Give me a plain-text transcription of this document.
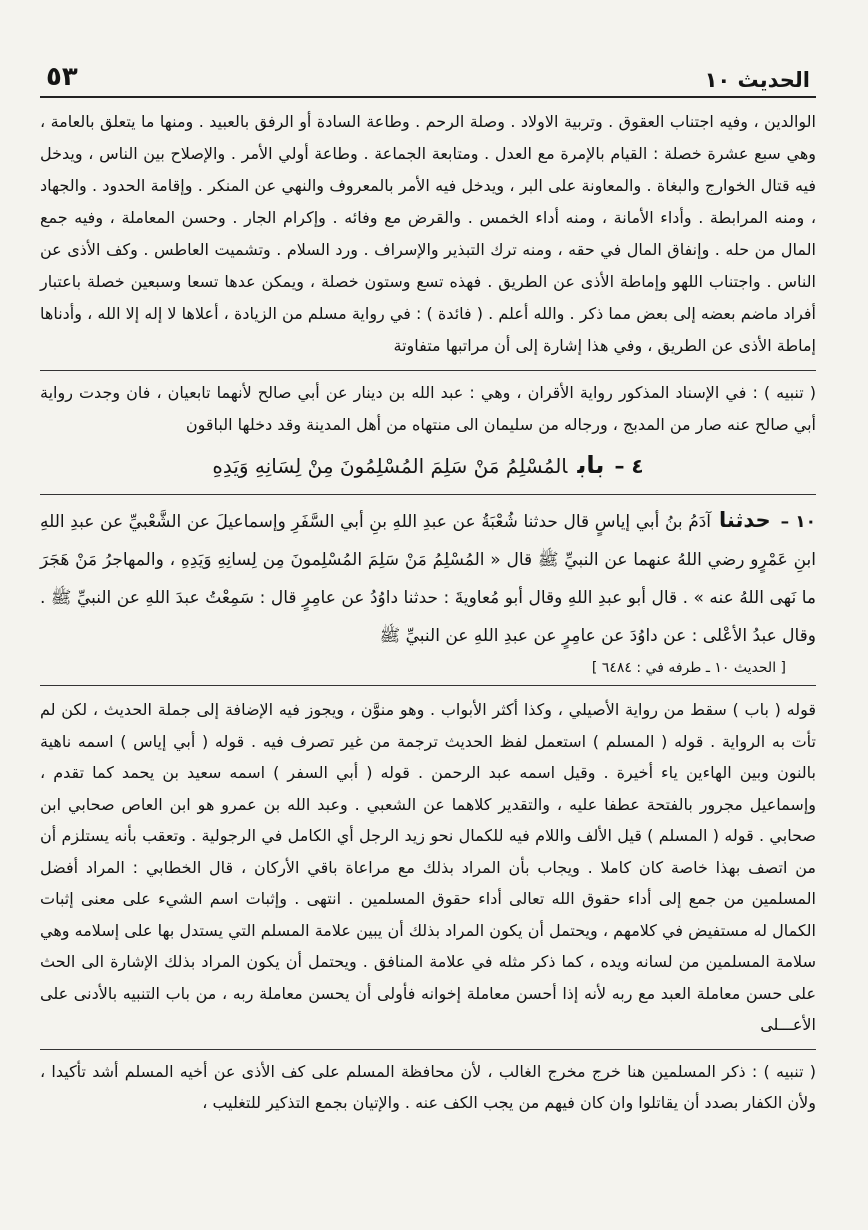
الحديث ١٠
٥٣

الوالدين ، وفيه اجتناب العقوق . وتربية الاولاد . وصلة الرحم . وطاعة السادة أو الرفق بالعبيد . ومنها ما يتعلق بالعامة ، وهي سبع عشرة خصلة : القيام بالإمرة مع العدل . ومتابعة الجماعة . وطاعة أولي الأمر . والإصلاح بين الناس ، ويدخل فيه قتال الخوارج والبغاة . والمعاونة على البر ، ويدخل فيه الأمر بالمعروف والنهي عن المنكر . وإقامة الحدود . والجهاد ، ومنه المرابطة . وأداء الأمانة ، ومنه أداء الخمس . والقرض مع وفائه . وإكرام الجار . وحسن المعاملة ، وفيه جمع المال من حله . وإنفاق المال في حقه ، ومنه ترك التبذير والإسراف . ورد السلام . وتشميت العاطس . وكف الأذى عن الناس . واجتناب اللهو وإماطة الأذى عن الطريق . فهذه تسع وستون خصلة ، ويمكن عدها تسعا وسبعين خصلة باعتبار أفراد ماضم بعضه إلى بعض مما ذكر . والله أعلم . ( فائدة ) : في رواية مسلم من الزيادة ، أعلاها لا إله إلا الله ، وأدناها إماطة الأذى عن الطريق ، وفي هذا إشارة إلى أن مراتبها متفاوتة

( تنبيه ) : في الإسناد المذكور رواية الأقران ، وهي : عبد الله بن دينار عن أبي صالح لأنهما تابعيان ، فان وجدت رواية أبي صالح عنه صار من المدبج ، ورجاله من سليمان الى منتهاه من أهل المدينة وقد دخلها الباقون

٤ –بابالمُسْلِمُ مَنْ سَلِمَ المُسْلِمُونَ مِنْ لِسَانِهِ وَيَدِهِ

١٠ –حدثناآدَمُ بنُ أبي إياسٍ قال حدثنا شُعْبَةُ عن عبدِ اللهِ بنِ أبي السَّفَرِ وإسماعيلَ عن الشَّعْبيِّ عن عبدِ اللهِ ابنِ عَمْرٍو رضي اللهُ عنهما عن النبيِّ ﷺ قال « المُسْلِمُ مَنْ سَلِمَ المُسْلِمونَ مِن لِسانِهِ وَيَدِهِ ، والمهاجرُ مَنْ هَجَرَ ما نَهى اللهُ عنه » . قال أبو عبدِ اللهِ وقال أبو مُعاويةَ : حدثنا داوُدُ عن عامِرٍ قال : سَمِعْتُ عبدَ اللهِ عن النبيِّ ﷺ . وقال عبدُ الأعْلى : عن داوُدَ عن عامِرٍ عن عبدِ اللهِ عن النبيِّ ﷺ

[ الحديث ١٠ ـ طرفه في : ٦٤٨٤ ]

قوله ( باب ) سقط من رواية الأصيلي ، وكذا أكثر الأبواب . وهو منوَّن ، ويجوز فيه الإضافة إلى جملة الحديث ، لكن لم تأت به الرواية . قوله ( المسلم ) استعمل لفظ الحديث ترجمة من غير تصرف فيه . قوله ( أبي إياس ) اسمه ناهية بالنون وبين الهاءين ياء أخيرة . وقيل اسمه عبد الرحمن . قوله ( أبي السفر ) اسمه سعيد بن يحمد كما تقدم ، وإسماعيل مجرور بالفتحة عطفا عليه ، والتقدير كلاهما عن الشعبي . وعبد الله بن عمرو هو ابن العاص صحابي ابن صحابي . قوله ( المسلم ) قيل الألف واللام فيه للكمال نحو زيد الرجل أي الكامل في الرجولية . وتعقب بأنه يستلزم أن من اتصف بهذا خاصة كان كاملا . ويجاب بأن المراد بذلك مع مراعاة باقي الأركان ، قال الخطابي : المراد أفضل المسلمين من جمع إلى أداء حقوق الله تعالى أداء حقوق المسلمين . انتهى . وإثبات اسم الشيء على معنى إثبات الكمال له مستفيض في كلامهم ، ويحتمل أن يكون المراد بذلك أن يبين علامة المسلم التي يستدل بها على إسلامه وهي سلامة المسلمين من لسانه ويده ، كما ذكر مثله في علامة المنافق . ويحتمل أن يكون المراد بذلك الإشارة الى الحث على حسن معاملة العبد مع ربه لأنه إذا أحسن معاملة إخوانه فأولى أن يحسن معاملة ربه ، من باب التنبيه بالأدنى على الأعـــلى

( تنبيه ) : ذكر المسلمين هنا خرج مخرج الغالب ، لأن محافظة المسلم على كف الأذى عن أخيه المسلم أشد تأكيدا ، ولأن الكفار بصدد أن يقاتلوا وان كان فيهم من يجب الكف عنه . والإتيان بجمع التذكير للتغليب ،
